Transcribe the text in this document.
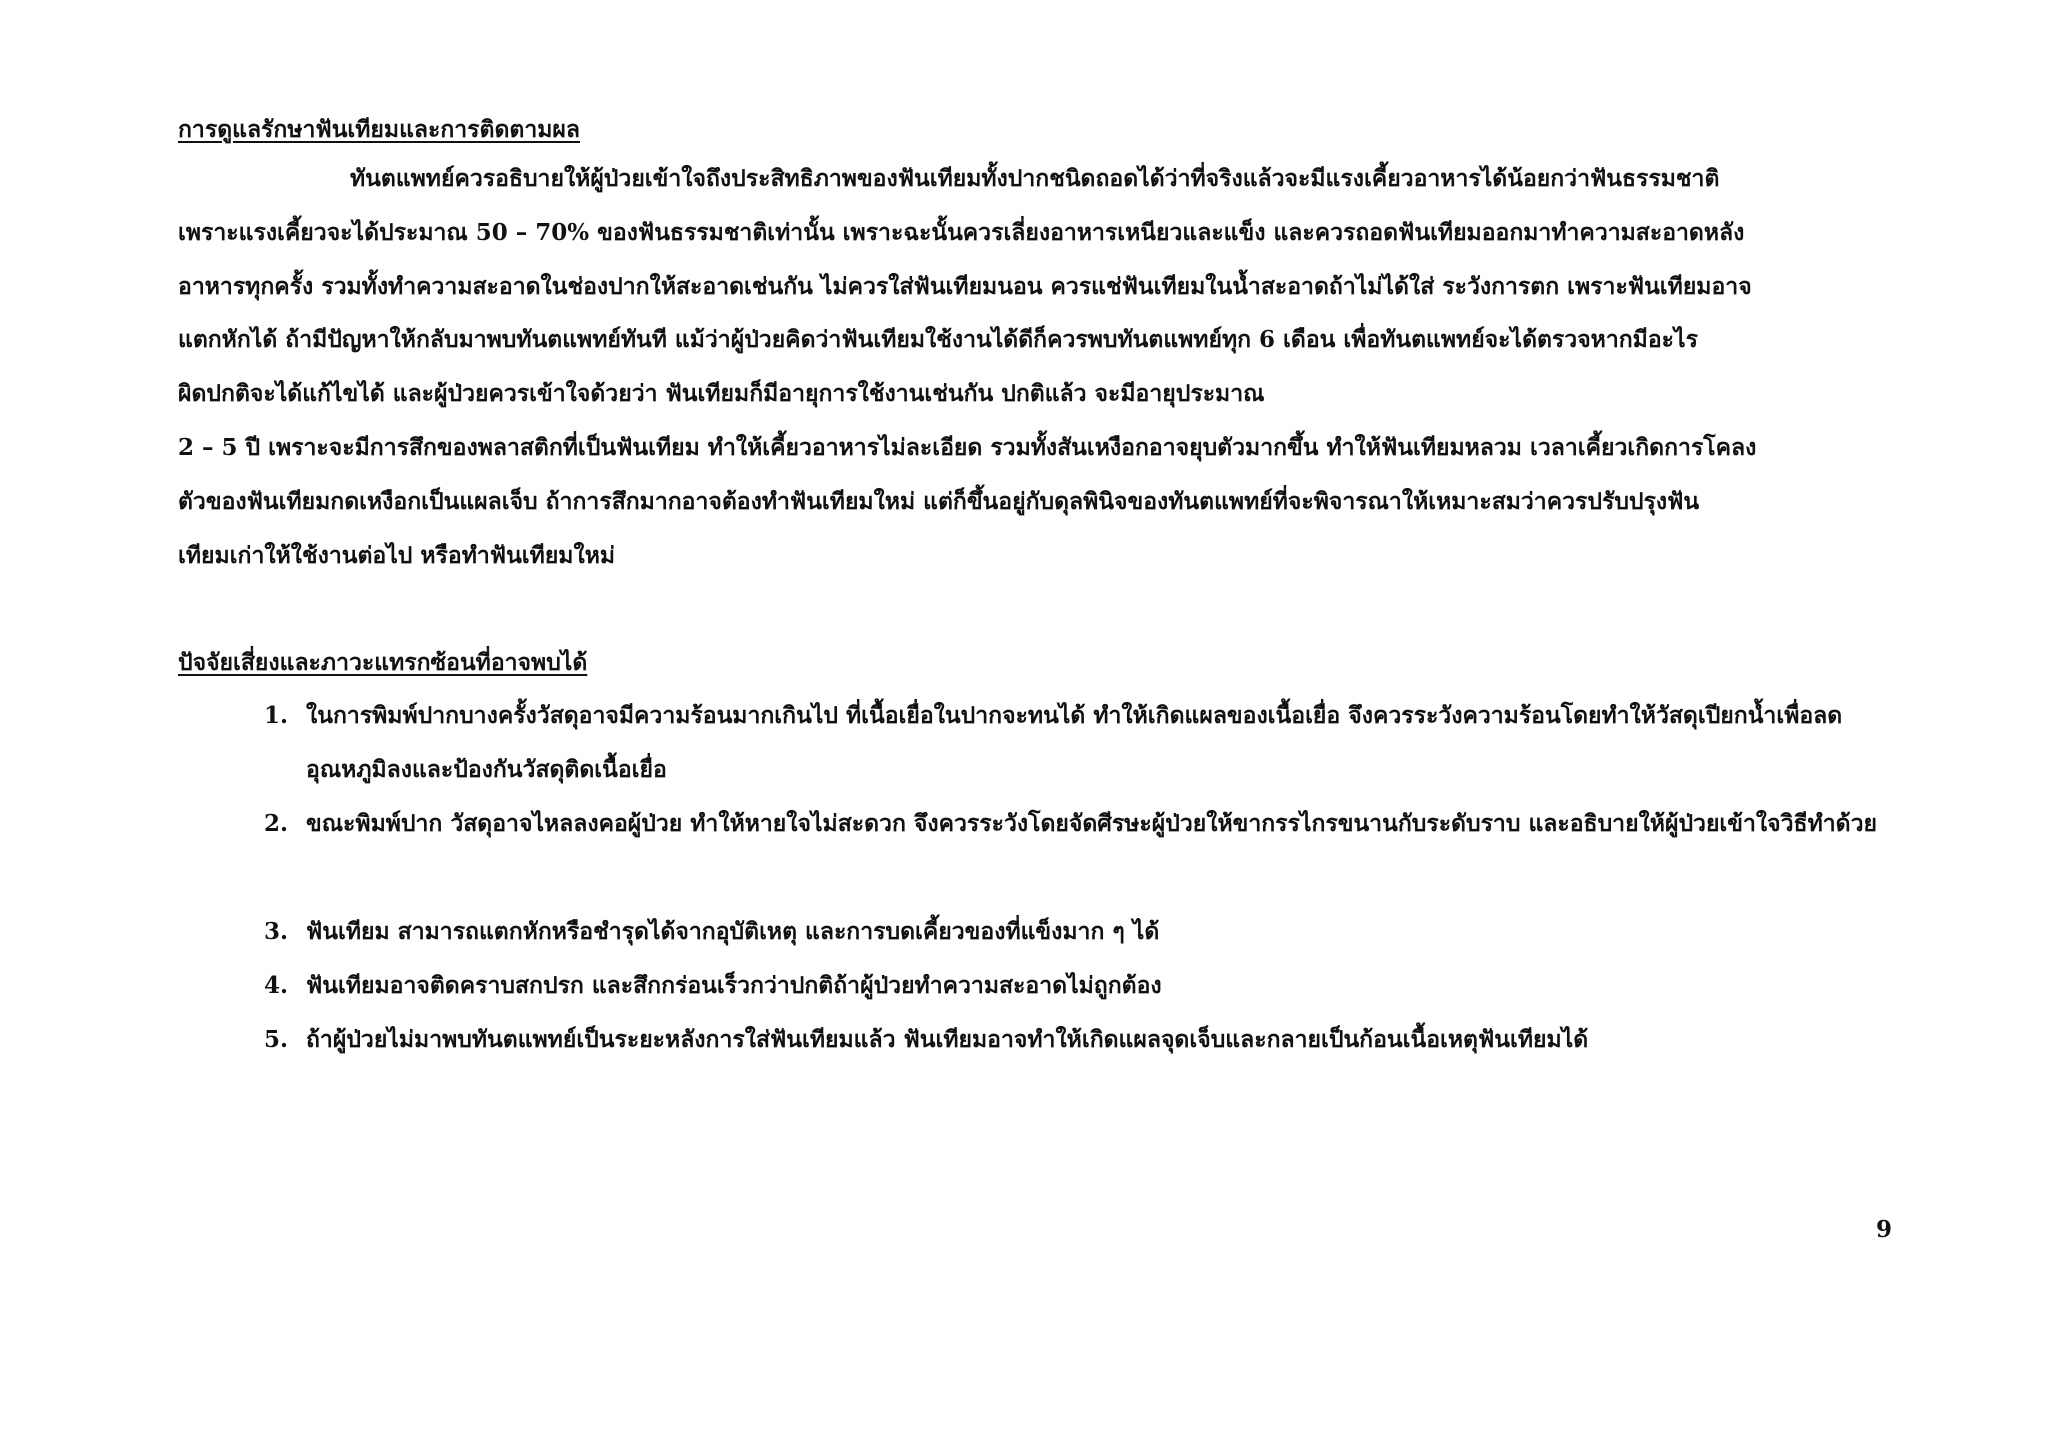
การดูแลรักษาฟันเทียมและการติดตามผล
ทันตแพทย์ควรอธิบายให้ผู้ป่วยเข้าใจถึงประสิทธิภาพของฟันเทียมทั้งปากชนิดถอดได้ว่าที่จริงแล้วจะมีแรงเคี้ยวอาหารได้น้อยกว่าฟันธรรมชาติ
เพราะแรงเคี้ยวจะได้ประมาณ 50 – 70% ของฟันธรรมชาติเท่านั้น เพราะฉะนั้นควรเลี่ยงอาหารเหนียวและแข็ง และควรถอดฟันเทียมออกมาทำความสะอาดหลัง
อาหารทุกครั้ง รวมทั้งทำความสะอาดในช่องปากให้สะอาดเช่นกัน ไม่ควรใส่ฟันเทียมนอน ควรแช่ฟันเทียมในน้ำสะอาดถ้าไม่ได้ใส่ ระวังการตก เพราะฟันเทียมอาจ
แตกหักได้ ถ้ามีปัญหาให้กลับมาพบทันตแพทย์ทันที แม้ว่าผู้ป่วยคิดว่าฟันเทียมใช้งานได้ดีก็ควรพบทันตแพทย์ทุก 6 เดือน เพื่อทันตแพทย์จะได้ตรวจหากมีอะไร
ผิดปกติจะได้แก้ไขได้ และผู้ป่วยควรเข้าใจด้วยว่า ฟันเทียมก็มีอายุการใช้งานเช่นกัน ปกติแล้ว จะมีอายุประมาณ
2 – 5 ปี เพราะจะมีการสึกของพลาสติกที่เป็นฟันเทียม ทำให้เคี้ยวอาหารไม่ละเอียด รวมทั้งสันเหงือกอาจยุบตัวมากขึ้น ทำให้ฟันเทียมหลวม เวลาเคี้ยวเกิดการโคลง
ตัวของฟันเทียมกดเหงือกเป็นแผลเจ็บ ถ้าการสึกมากอาจต้องทำฟันเทียมใหม่ แต่ก็ขึ้นอยู่กับดุลพินิจของทันตแพทย์ที่จะพิจารณาให้เหมาะสมว่าควรปรับปรุงฟัน
เทียมเก่าให้ใช้งานต่อไป หรือทำฟันเทียมใหม่
ปัจจัยเสี่ยงและภาวะแทรกซ้อนที่อาจพบได้
1. ในการพิมพ์ปากบางครั้งวัสดุอาจมีความร้อนมากเกินไป ที่เนื้อเยื่อในปากจะทนได้ ทำให้เกิดแผลของเนื้อเยื่อ จึงควรระวังความร้อนโดยทำให้วัสดุเปียกน้ำเพื่อลดอุณหภูมิลงและป้องกันวัสดุติดเนื้อเยื่อ
2. ขณะพิมพ์ปาก วัสดุอาจไหลลงคอผู้ป่วย ทำให้หายใจไม่สะดวก จึงควรระวังโดยจัดศีรษะผู้ป่วยให้ขากรรไกรขนานกับระดับราบ และอธิบายให้ผู้ป่วยเข้าใจวิธีทำด้วย
3. ฟันเทียม สามารถแตกหักหรือชำรุดได้จากอุบัติเหตุ และการบดเคี้ยวของที่แข็งมาก ๆ ได้
4. ฟันเทียมอาจติดคราบสกปรก และสึกกร่อนเร็วกว่าปกติถ้าผู้ป่วยทำความสะอาดไม่ถูกต้อง
5. ถ้าผู้ป่วยไม่มาพบทันตแพทย์เป็นระยะหลังการใส่ฟันเทียมแล้ว ฟันเทียมอาจทำให้เกิดแผลจุดเจ็บและกลายเป็นก้อนเนื้อเหตุฟันเทียมได้
9
